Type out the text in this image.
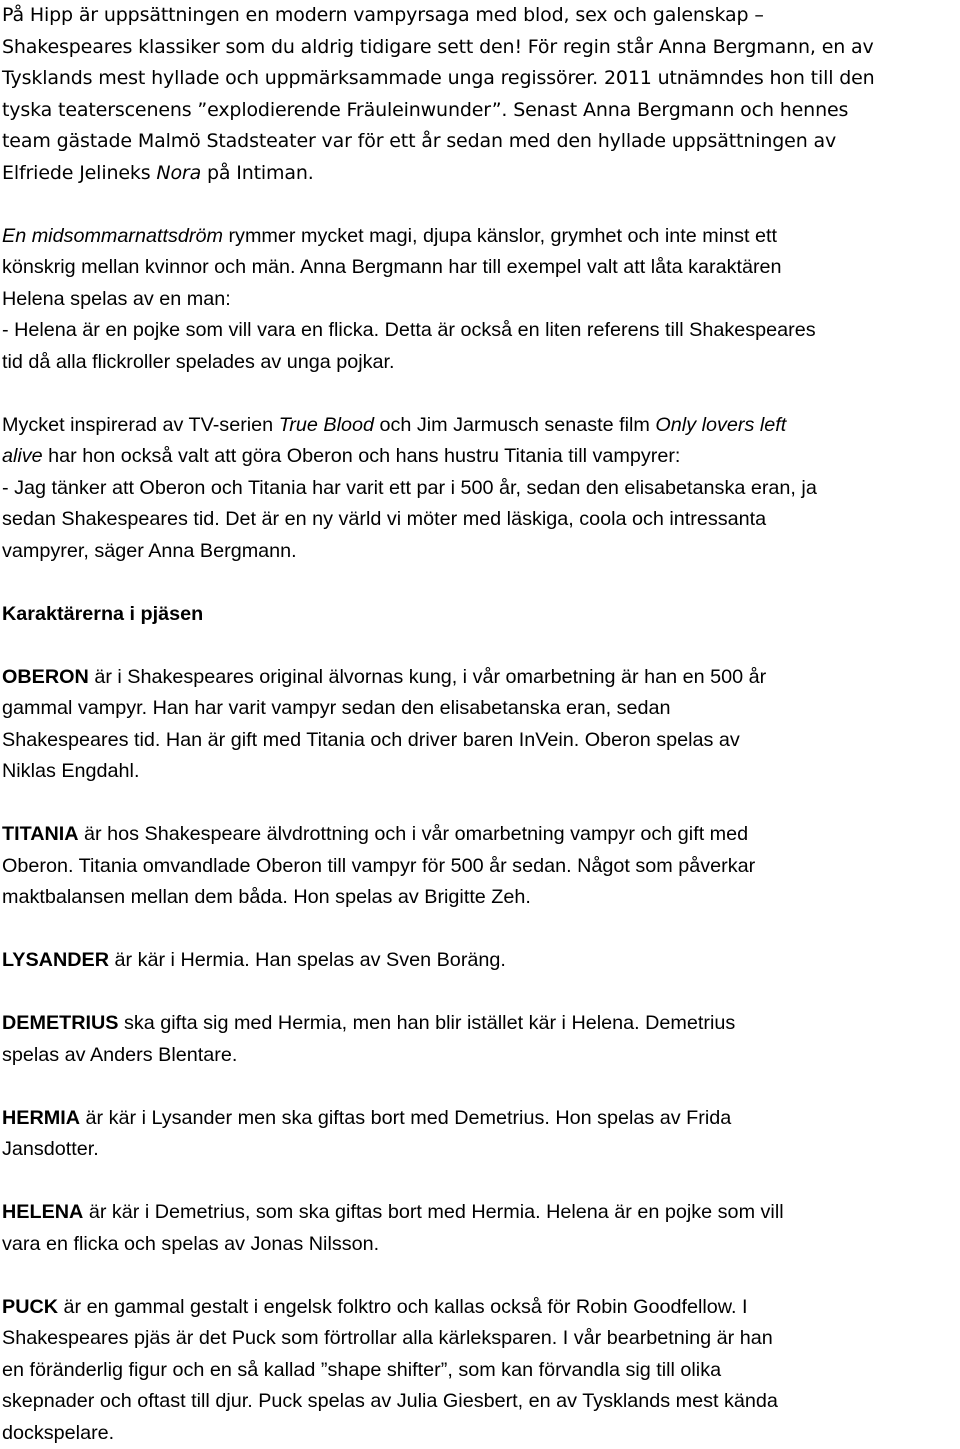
På Hipp är uppsättningen en modern vampyrsaga med blod, sex och galenskap –
Shakespeares klassiker som du aldrig tidigare sett den! För regin står Anna Bergmann, en av
Tysklands mest hyllade och uppmärksammade unga regissörer. 2011 utnämndes hon till den
tyska teaterscenens ”explodierende Fräuleinwunder”. Senast Anna Bergmann och hennes
team gästade Malmö Stadsteater var för ett år sedan med den hyllade uppsättningen av
Elfriede Jelineks Nora på Intiman.
En midsommarnattsdröm rymmer mycket magi, djupa känslor, grymhet och inte minst ett
könskrig mellan kvinnor och män. Anna Bergmann har till exempel valt att låta karaktären
Helena spelas av en man:
- Helena är en pojke som vill vara en flicka. Detta är också en liten referens till Shakespeares
tid då alla flickroller spelades av unga pojkar.
Mycket inspirerad av TV-serien True Blood och Jim Jarmusch senaste film Only lovers left
alive har hon också valt att göra Oberon och hans hustru Titania till vampyrer:
- Jag tänker att Oberon och Titania har varit ett par i 500 år, sedan den elisabetanska eran, ja
sedan Shakespeares tid. Det är en ny värld vi möter med läskiga, coola och intressanta
vampyrer, säger Anna Bergmann.
Karaktärerna i pjäsen
OBERON är i Shakespeares original älvornas kung, i vår omarbetning är han en 500 år
gammal vampyr. Han har varit vampyr sedan den elisabetanska eran, sedan
Shakespeares tid. Han är gift med Titania och driver baren InVein. Oberon spelas av
Niklas Engdahl.
TITANIA är hos Shakespeare älvdrottning och i vår omarbetning vampyr och gift med
Oberon. Titania omvandlade Oberon till vampyr för 500 år sedan. Något som påverkar
maktbalansen mellan dem båda. Hon spelas av Brigitte Zeh.
LYSANDER är kär i Hermia. Han spelas av Sven Boräng.
DEMETRIUS ska gifta sig med Hermia, men han blir istället kär i Helena. Demetrius
spelas av Anders Blentare.
HERMIA är kär i Lysander men ska giftas bort med Demetrius. Hon spelas av Frida
Jansdotter.
HELENA är kär i Demetrius, som ska giftas bort med Hermia. Helena är en pojke som vill
vara en flicka och spelas av Jonas Nilsson.
PUCK är en gammal gestalt i engelsk folktro och kallas också för Robin Goodfellow. I
Shakespeares pjäs är det Puck som förtrollar alla kärleksparen. I vår bearbetning är han
en föränderlig figur och en så kallad ”shape shifter”, som kan förvandla sig till olika
skepnader och oftast till djur. Puck spelas av Julia Giesbert, en av Tysklands mest kända
dockspelare.
